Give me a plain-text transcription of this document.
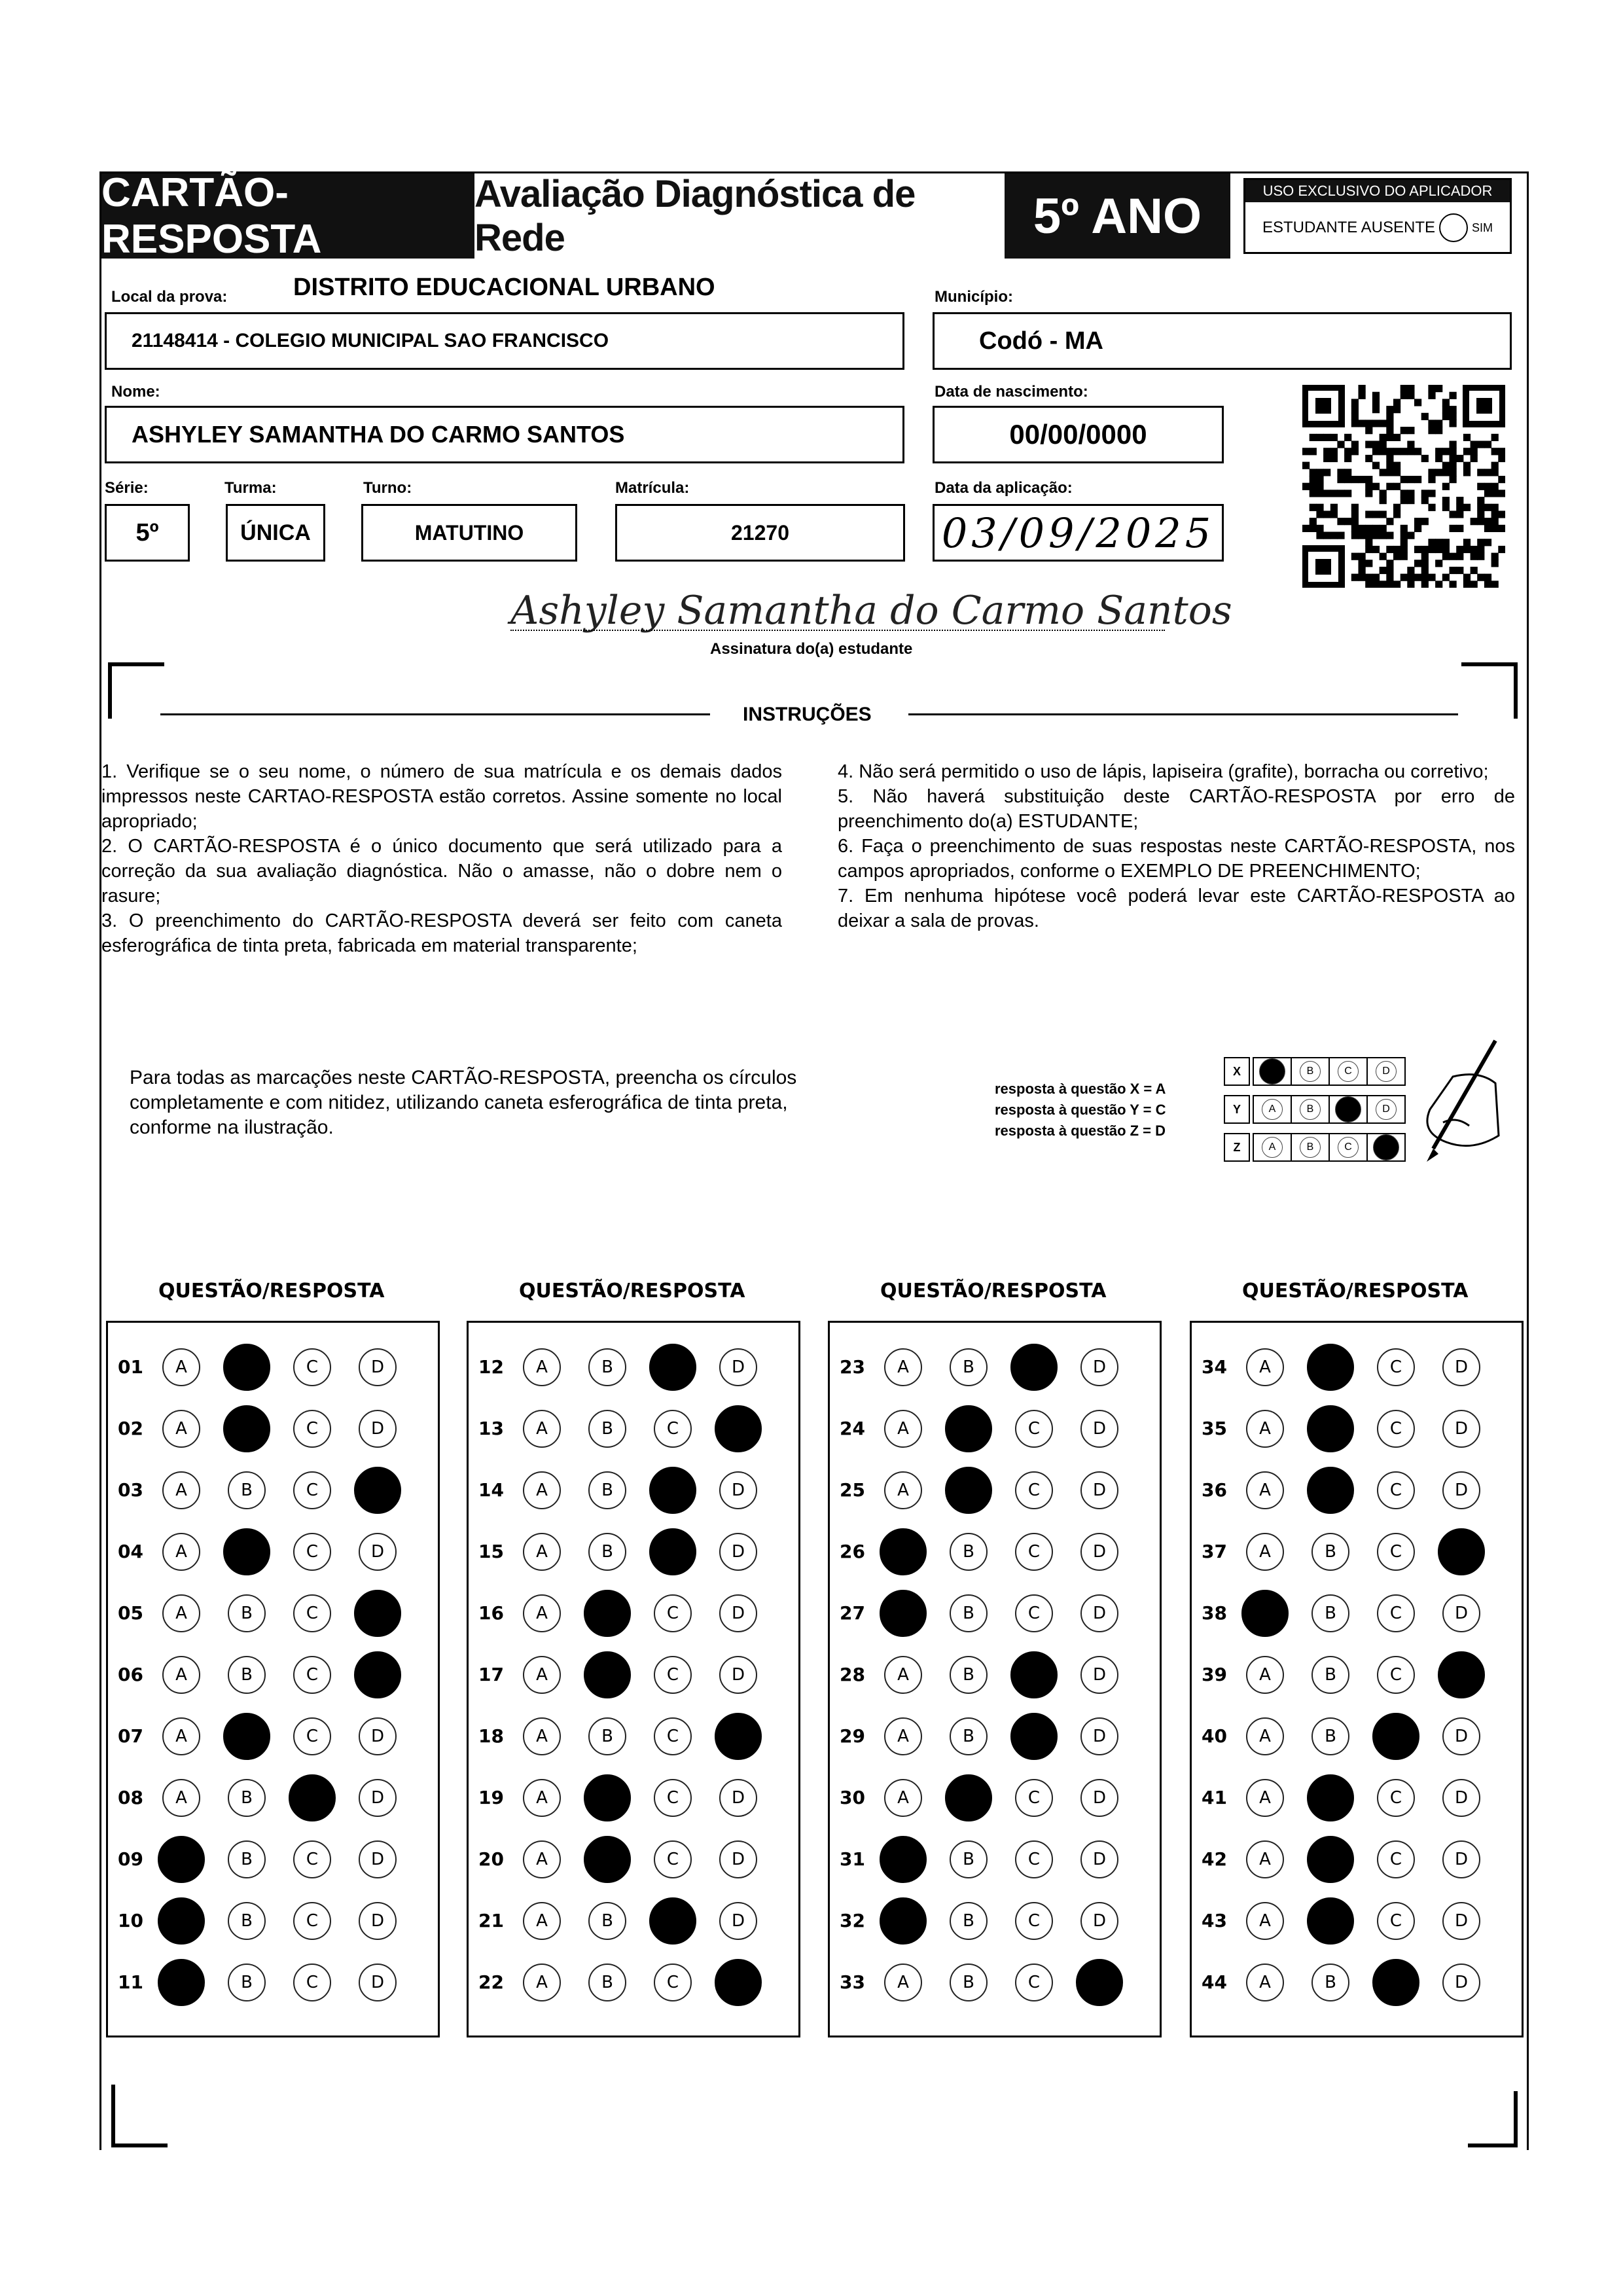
CARTÃO-RESPOSTA
Avaliação Diagnóstica de Rede	5º ANO	USO EXCLUSIVO DO APLICADOR
ESTUDANTE AUSENTE	SIM
Local da prova:	DISTRITO EDUCACIONAL URBANO
21148414 - COLEGIO MUNICIPAL SAO FRANCISCO
Município:
Codó - MA
Nome:
ASHYLEY SAMANTHA DO CARMO SANTOS
Data de nascimento:
00/00/0000
Série:
5º
Turma:
ÚNICA
Turno:
MATUTINO
Matrícula:
21270
Data da aplicação:
03/09/2025
Ashyley Samantha do Carmo Santos
Assinatura do(a) estudante
INSTRUÇÕES
1. Verifique se o seu nome, o número de sua matrícula e os demais dados impressos neste CARTAO-RESPOSTA estão corretos. Assine somente no local apropriado;
2. O CARTÃO-RESPOSTA é o único documento que será utilizado para a correção da sua avaliação diagnóstica. Não o amasse, não o dobre nem o rasure;
3. O preenchimento do CARTÃO-RESPOSTA deverá ser feito com caneta esferográfica de tinta preta, fabricada em material transparente;
4. Não será permitido o uso de lápis, lapiseira (grafite), borracha ou corretivo;
5. Não haverá substituição deste CARTÃO-RESPOSTA por erro de preenchimento do(a) ESTUDANTE;
6. Faça o preenchimento de suas respostas neste CARTÃO-RESPOSTA, nos campos apropriados, conforme o EXEMPLO DE PREENCHIMENTO;
7. Em nenhuma hipótese você poderá levar este CARTÃO-RESPOSTA ao deixar a sala de provas.
Para todas as marcações neste CARTÃO-RESPOSTA, preencha os círculos completamente e com nitidez, utilizando caneta esferográfica de tinta preta, conforme na ilustração.
resposta à questão X = A
resposta à questão Y = C
resposta à questão Z = D
X	B	C	D
Y	A	B	D
Z	A	B	C
QUESTÃO/RESPOSTA
01	A	C	D
02	A	C	D
03	A	B	C
04	A	C	D
05	A	B	C
06	A	B	C
07	A	C	D
08	A	B	D
09	B	C	D
10	B	C	D
11	B	C	D
QUESTÃO/RESPOSTA
12	A	B	D
13	A	B	C
14	A	B	D
15	A	B	D
16	A	C	D
17	A	C	D
18	A	B	C
19	A	C	D
20	A	C	D
21	A	B	D
22	A	B	C
QUESTÃO/RESPOSTA
23	A	B	D
24	A	C	D
25	A	C	D
26	B	C	D
27	B	C	D
28	A	B	D
29	A	B	D
30	A	C	D
31	B	C	D
32	B	C	D
33	A	B	C
QUESTÃO/RESPOSTA
34	A	C	D
35	A	C	D
36	A	C	D
37	A	B	C
38	B	C	D
39	A	B	C
40	A	B	D
41	A	C	D
42	A	C	D
43	A	C	D
44	A	B	D
